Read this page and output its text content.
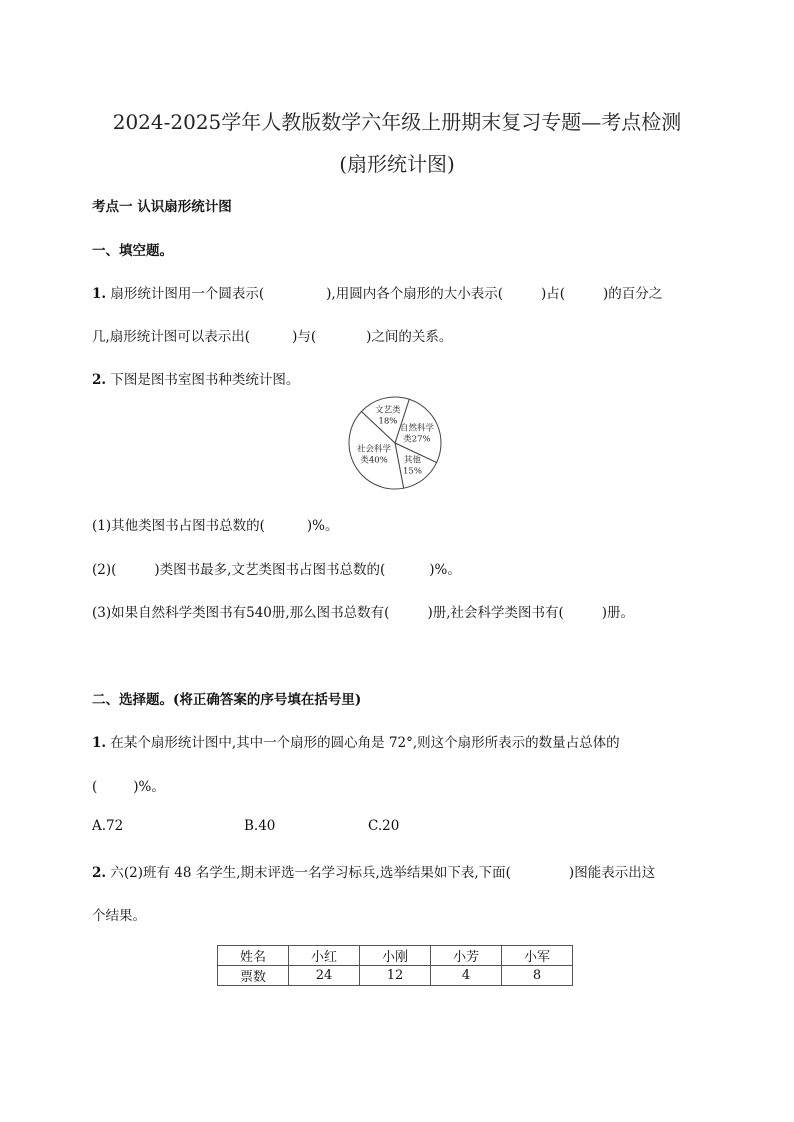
2024-2025学年人教版数学六年级上册期末复习专题—考点检测
(扇形统计图)
考点一 认识扇形统计图
一、填空题。
1. 扇形统计图用一个圆表示(	),用圆内各个扇形的大小表示(	)占(	)的百分之
几,扇形统计图可以表示出(	)与(	)之间的关系。
2. 下图是图书室图书种类统计图。
自然科学
类27%
其他
15%
社会科学
类40%
文艺类
18%
(1)其他类图书占图书总数的(	)%。
(2)(	)类图书最多,文艺类图书占图书总数的(	)%。
(3)如果自然科学类图书有540册,那么图书总数有(	)册,社会科学类图书有(	)册。
二、选择题。(将正确答案的序号填在括号里)
1. 在某个扇形统计图中,其中一个扇形的圆心角是 72°,则这个扇形所表示的数量占总体的
(	)%。
A.72	B.40	C.20
2. 六(2)班有 48 名学生,期末评选一名学习标兵,选举结果如下表,下面(	)图能表示出这
个结果。
姓名	小红	小刚	小芳	小军
票数	24	12	4	8
